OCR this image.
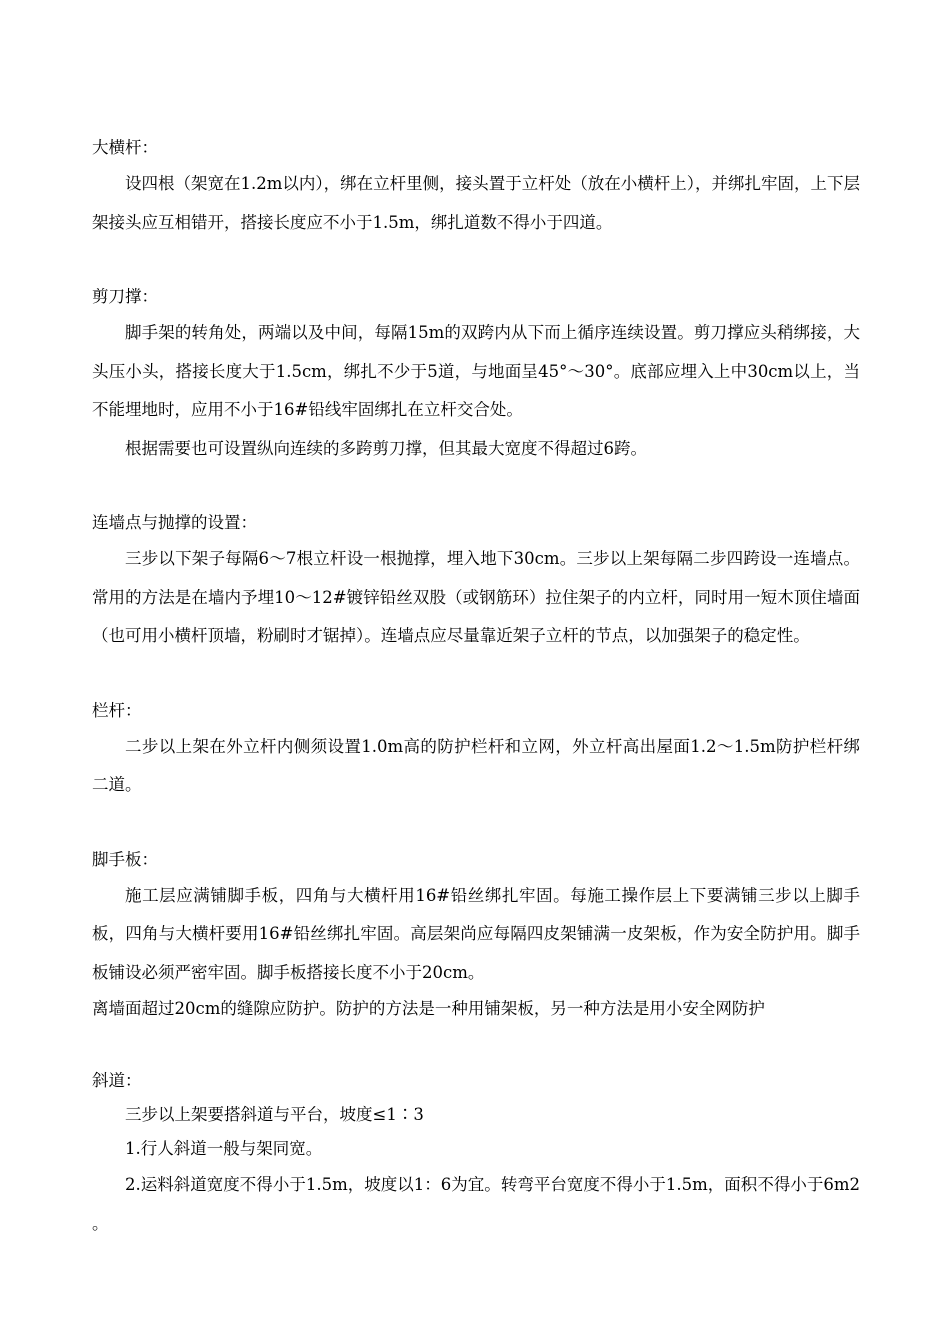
大横杆：

设四根（架宽在1.2m以内），绑在立杆里侧，接头置于立杆处（放在小横杆上），并绑扎牢固，上下层架接头应互相错开，搭接长度应不小于1.5m，绑扎道数不得小于四道。

剪刀撑：

脚手架的转角处，两端以及中间，每隔15m的双跨内从下而上循序连续设置。剪刀撑应头稍绑接，大头压小头，搭接长度大于1.5cm，绑扎不少于5道，与地面呈45°～30°。底部应埋入上中30cm以上，当不能埋地时，应用不小于16#铅线牢固绑扎在立杆交合处。

根据需要也可设置纵向连续的多跨剪刀撑，但其最大宽度不得超过6跨。

连墙点与抛撑的设置：

三步以下架子每隔6～7根立杆设一根抛撑，埋入地下30cm。三步以上架每隔二步四跨设一连墙点。常用的方法是在墙内予埋10～12#镀锌铅丝双股（或钢筋环）拉住架子的内立杆，同时用一短木顶住墙面（也可用小横杆顶墙，粉刷时才锯掉）。连墙点应尽量靠近架子立杆的节点，以加强架子的稳定性。

栏杆：

二步以上架在外立杆内侧须设置1.0m高的防护栏杆和立网，外立杆高出屋面1.2～1.5m防护栏杆绑二道。

脚手板：

施工层应满铺脚手板，四角与大横杆用16#铅丝绑扎牢固。每施工操作层上下要满铺三步以上脚手板，四角与大横杆要用16#铅丝绑扎牢固。高层架尚应每隔四皮架铺满一皮架板，作为安全防护用。脚手板铺设必须严密牢固。脚手板搭接长度不小于20cm。

离墙面超过20cm的缝隙应防护。防护的方法是一种用铺架板，另一种方法是用小安全网防护

斜道：

三步以上架要搭斜道与平台，坡度≤1∶3

1.行人斜道一般与架同宽。

2.运料斜道宽度不得小于1.5m，坡度以1：6为宜。转弯平台宽度不得小于1.5m，面积不得小于6m2 。
